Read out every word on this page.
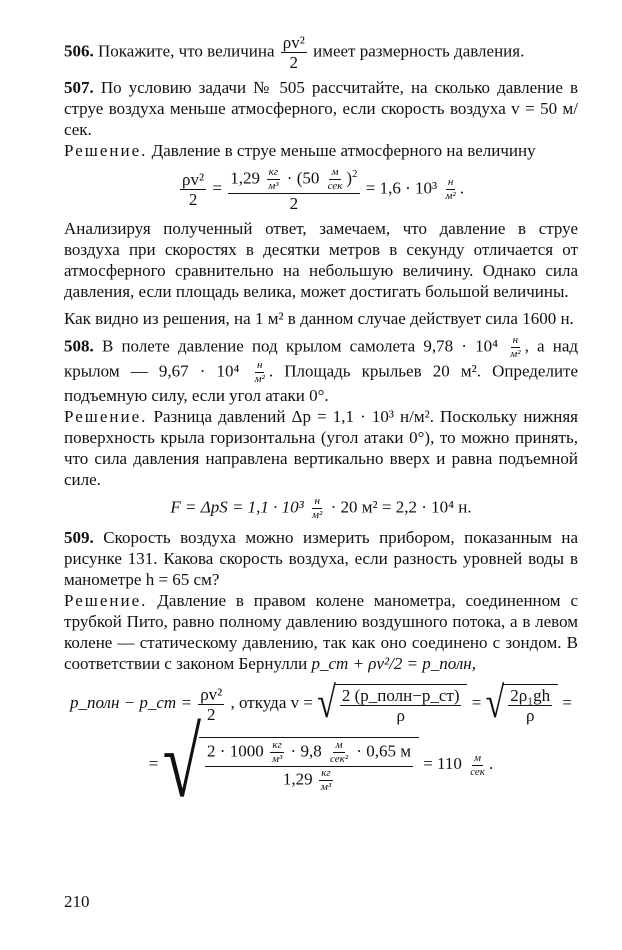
506. Покажите, что величина $\frac{\text{ρv²}}{2}$ имеет размерность давления.

507. По условию задачи № 505 рассчитайте, на сколько давление в струе воздуха меньше атмосферного, если скорость воздуха v = 50 м/сек.

Решение. Давление в струе меньше атмосферного на величину

$\frac{\text{ρv²}}{2} = \frac{1,29 \frac{кг}{\text{м³}} \cdot (50 \frac{м}{\text{сек}} )^2}{2} = 1,6 \cdot 10^3 \frac{н}{\text{м²}}$ .

Анализируя полученный ответ, замечаем, что давление в струе воздуха при скоростях в десятки метров в секунду отличается от атмосферного сравнительно на небольшую величину. Однако сила давления, если площадь велика, может достигать большой величины.

Как видно из решения, на 1 м² в данном случае действует сила 1600 н.

508. В полете давление под крылом самолета $9,78 \cdot 10^4 \frac{н}{\text{м²}}$ , а над крылом — $9,67 \cdot 10^4 \frac{н}{\text{м²}}$ . Площадь крыльев 20 м². Определите подъемную силу, если угол атаки 0°.

Решение. Разница давлений Δp = 1,1 · 10³ н/м². Поскольку нижняя поверхность крыла горизонтальна (угол атаки 0°), то можно принять, что сила давления направлена вертикально вверх и равна подъемной силе.

$F = \Delta pS = 1,1 \cdot 10^3 \frac{н}{\text{м²}} \cdot 20$ м² = 2,2 · 10⁴ н.

509. Скорость воздуха можно измерить прибором, показанным на рисунке 131. Какова скорость воздуха, если разность уровней воды в манометре h = 65 см?

Решение. Давление в правом колене манометра, соединенном с трубкой Пито, равно полному давлению воздушного потока, а в левом колене — статическому давлению, так как оно соединено с зондом. В соответствии с законом Бернулли p_ст + ρv²/2 = p_полн,

p_полн − p_ст = $\frac{\text{ρv²}}{2}$ , откуда v = √ $\frac{\text{2 (p\_полн−p\_ст)}}{\rho}$ = √ $\frac{\text{2ρ₁gh}}{\rho}$ =
= √ $2 \cdot 1000 \frac{кг}{\text{м³}} \cdot 9,8 \frac{м}{\text{сек²}} \cdot 0,65$ м
$1,29 \frac{кг}{\text{м³}}$
= $110 \frac{м}{\text{сек}}$ .
210
